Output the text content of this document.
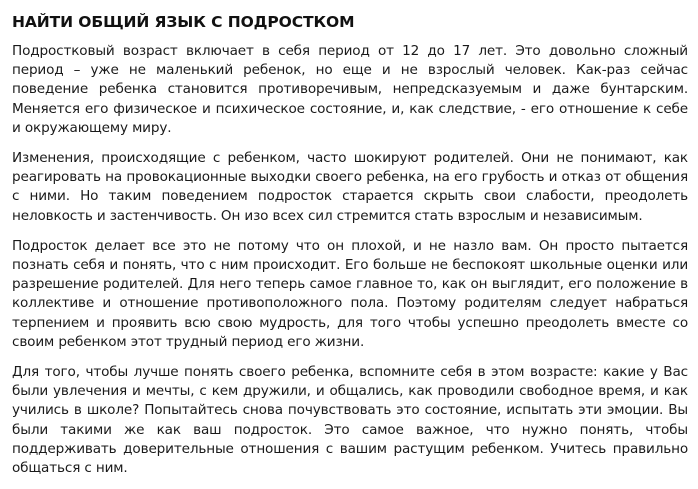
НАЙТИ ОБЩИЙ ЯЗЫК С ПОДРОСТКОМ

Подростковый возраст включает в себя период от 12 до 17 лет. Это довольно сложный период – уже не маленький ребенок, но еще и не взрослый человек. Как-раз сейчас поведение ребенка становится противоречивым, непредсказуемым и даже бунтарским. Меняется его физическое и психическое состояние, и, как следствие, - его отношение к себе и окружающему миру.

Изменения, происходящие с ребенком, часто шокируют родителей. Они не понимают, как реагировать на провокационные выходки своего ребенка, на его грубость и отказ от общения с ними. Но таким поведением подросток старается скрыть свои слабости, преодолеть неловкость и застенчивость. Он изо всех сил стремится стать взрослым и независимым.

Подросток делает все это не потому что он плохой, и не назло вам. Он просто пытается познать себя и понять, что с ним происходит. Его больше не беспокоят школьные оценки или разрешение родителей. Для него теперь самое главное то, как он выглядит, его положение в коллективе и отношение противоположного пола. Поэтому родителям следует набраться терпением и проявить всю свою мудрость, для того чтобы успешно преодолеть вместе со своим ребенком этот трудный период его жизни.

Для того, чтобы лучше понять своего ребенка, вспомните себя в этом возрасте: какие у Вас были увлечения и мечты, с кем дружили, и общались, как проводили свободное время, и как учились в школе? Попытайтесь снова почувствовать это состояние, испытать эти эмоции. Вы были такими же как ваш подросток. Это самое важное, что нужно понять, чтобы поддерживать доверительные отношения с вашим растущим ребенком. Учитесь правильно общаться с ним.
